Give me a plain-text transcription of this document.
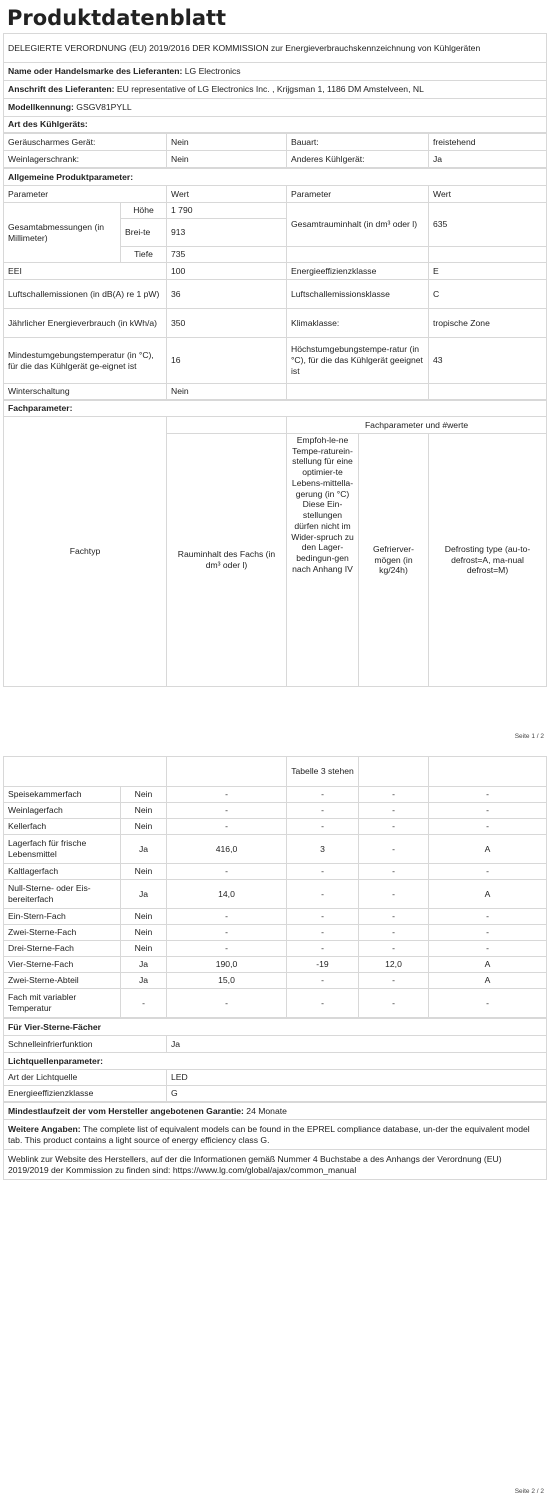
Produktdatenblatt
DELEGIERTE VERORDNUNG (EU) 2019/2016 DER KOMMISSION zur Energieverbrauchskennzeichnung von Kühlgeräten
Name oder Handelsmarke des Lieferanten: LG Electronics
Anschrift des Lieferanten: EU representative of LG Electronics Inc. , Krijgsman 1, 1186 DM Amstelveen, NL
Modellkennung: GSGV81PYLL
Art des Kühlgeräts:
Geräuscharmes Gerät:	Nein	Bauart:	freistehend
Weinlagerschrank:	Nein	Anderes Kühlgerät:	Ja
Allgemeine Produktparameter:				
Parameter		Wert	Parameter	Wert
Gesamtabmessungen (in Millimeter)	Höhe	1 790	Gesamtrauminhalt (in dm³ oder l)	635
	Brei-te	913		
	Tiefe	735		
EEI		100	Energieeffizienzklasse	E
Luftschallemissionen (in dB(A) re 1 pW)		36	Luftschallemissionsklasse	C
Jährlicher Energieverbrauch (in kWh/a)		350	Klimaklasse:	tropische Zone
Mindestumgebungstemperatur (in °C), für die das Kühlgerät ge-eignet ist		16	Höchstumgebungstempe-ratur (in °C), für die das Kühlgerät geeignet ist	43
Winterschaltung		Nein		
Fachparameter:				
Fachtyp		Fachparameter und #werte		
	Rauminhalt des Fachs (in dm³ oder l)	Empfoh-le-ne Tempe-raturein-stellung für eine optimier-te Lebens-mittella-gerung (in °C) Diese Ein-stellungen dürfen nicht im Wider-spruch zu den Lager-bedingun-gen nach Anhang IV	Gefrierver-mögen (in kg/24h)	Defrosting type (au-to-defrost=A, ma-nual defrost=M)
Seite 1 / 2
			Tabelle 3 stehen		
Speisekammerfach	Nein	-	-	-	-
Weinlagerfach	Nein	-	-	-	-
Kellerfach	Nein	-	-	-	-
Lagerfach für frische Lebensmittel	Ja	416,0	3	-	A
Kaltlagerfach	Nein	-	-	-	-
Null-Sterne- oder Eis-bereiterfach	Ja	14,0	-	-	A
Ein-Stern-Fach	Nein	-	-	-	-
Zwei-Sterne-Fach	Nein	-	-	-	-
Drei-Sterne-Fach	Nein	-	-	-	-
Vier-Sterne-Fach	Ja	190,0	-19	12,0	A
Zwei-Sterne-Abteil	Ja	15,0	-	-	A
Fach mit variabler Temperatur	-	-	-	-	-
Für Vier-Sterne-Fächer	
Schnelleinfrierfunktion	Ja
Lichtquellenparameter:	
Art der Lichtquelle	LED
Energieeffizienzklasse	G
Mindestlaufzeit der vom Hersteller angebotenen Garantie: 24 Monate
Weitere Angaben: The complete list of equivalent models can be found in the EPREL compliance database, un-der the equivalent model tab. This product contains a light source of energy efficiency class G.
Weblink zur Website des Herstellers, auf der die Informationen gemäß Nummer 4 Buchstabe a des Anhangs der Verordnung (EU) 2019/2019 der Kommission zu finden sind: https://www.lg.com/global/ajax/common_manual
Seite 2 / 2
